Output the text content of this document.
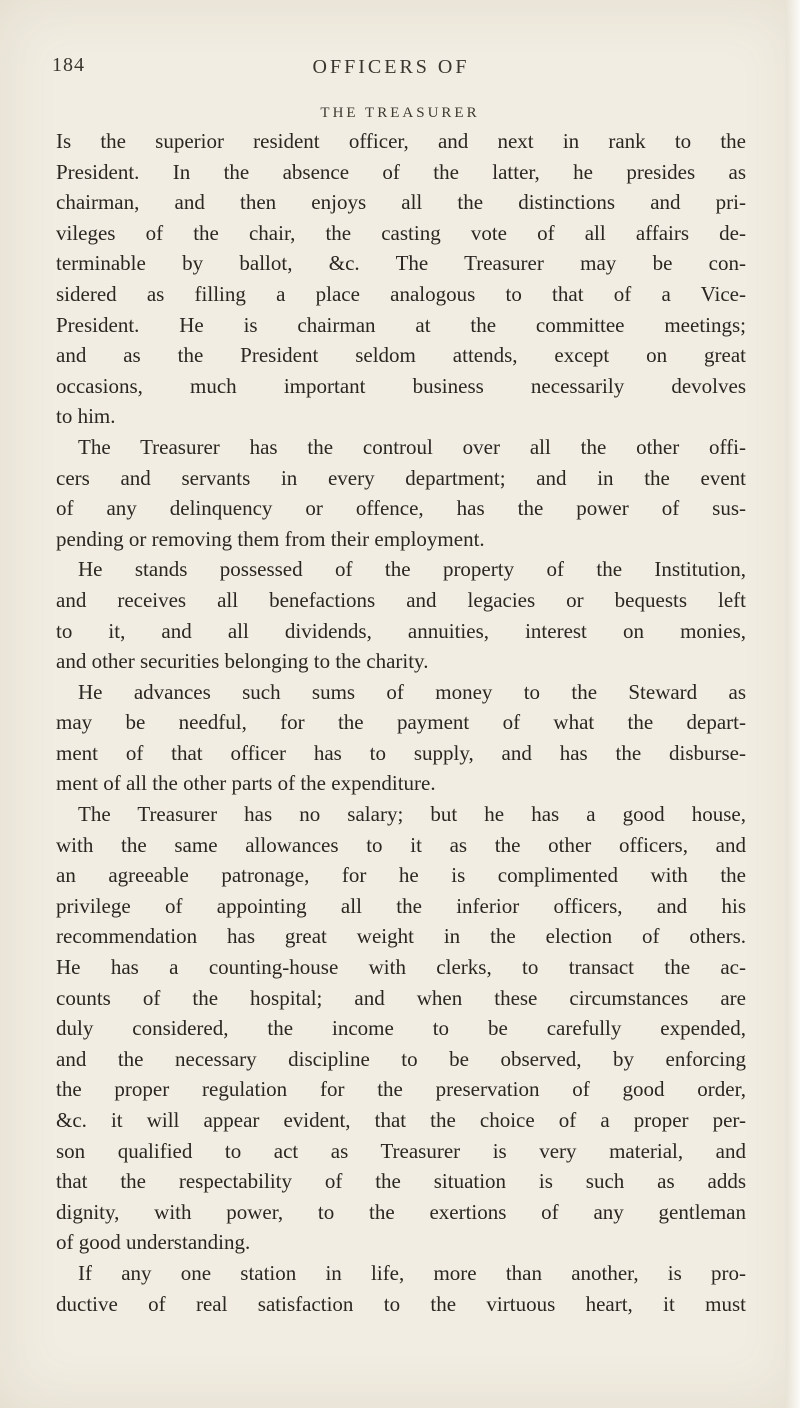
184	OFFICERS OF
THE TREASURER
Is the superior resident officer, and next in rank to the
President. In the absence of the latter, he presides as
chairman, and then enjoys all the distinctions and pri-
vileges of the chair, the casting vote of all affairs de-
terminable by ballot, &c. The Treasurer may be con-
sidered as filling a place analogous to that of a Vice-
President. He is chairman at the committee meetings;
and as the President seldom attends, except on great
occasions, much important business necessarily devolves
to him.
The Treasurer has the controul over all the other offi-
cers and servants in every department; and in the event
of any delinquency or offence, has the power of sus-
pending or removing them from their employment.
He stands possessed of the property of the Institution,
and receives all benefactions and legacies or bequests left
to it, and all dividends, annuities, interest on monies,
and other securities belonging to the charity.
He advances such sums of money to the Steward as
may be needful, for the payment of what the depart-
ment of that officer has to supply, and has the disburse-
ment of all the other parts of the expenditure.
The Treasurer has no salary; but he has a good house,
with the same allowances to it as the other officers, and
an agreeable patronage, for he is complimented with the
privilege of appointing all the inferior officers, and his
recommendation has great weight in the election of others.
He has a counting-house with clerks, to transact the ac-
counts of the hospital; and when these circumstances are
duly considered, the income to be carefully expended,
and the necessary discipline to be observed, by enforcing
the proper regulation for the preservation of good order,
&c. it will appear evident, that the choice of a proper per-
son qualified to act as Treasurer is very material, and
that the respectability of the situation is such as adds
dignity, with power, to the exertions of any gentleman
of good understanding.
If any one station in life, more than another, is pro-
ductive of real satisfaction to the virtuous heart, it must
